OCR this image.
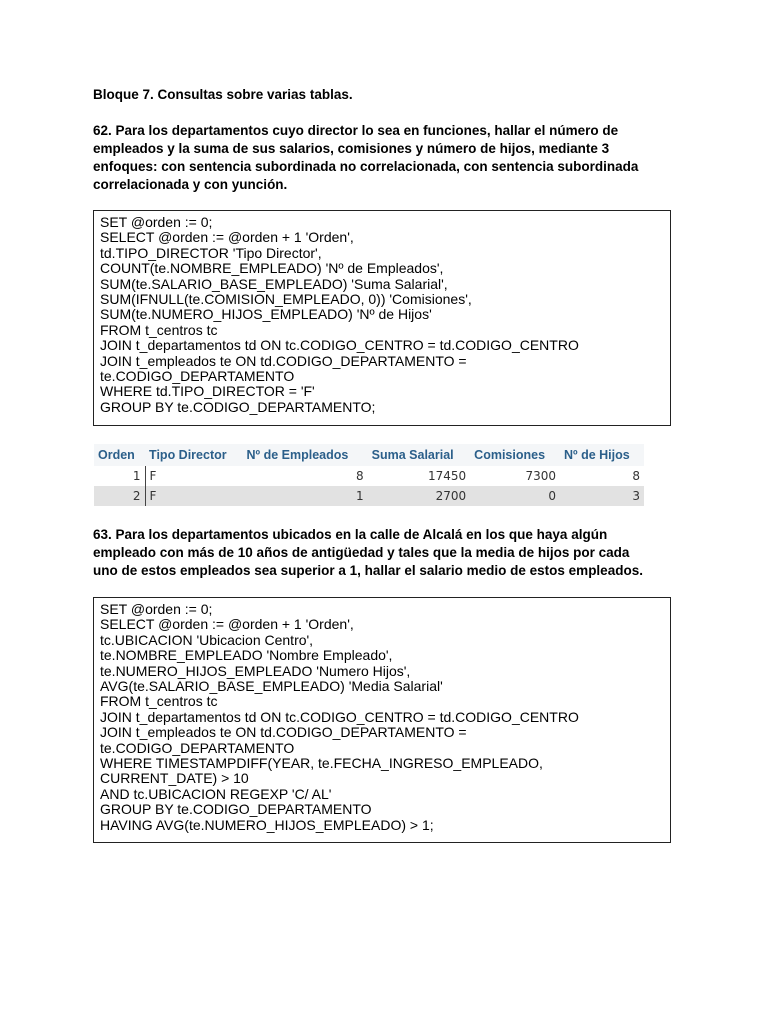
Bloque 7. Consultas sobre varias tablas.

62. Para los departamentos cuyo director lo sea en funciones, hallar el número de

empleados y la suma de sus salarios, comisiones y número de hijos, mediante 3

enfoques: con sentencia subordinada no correlacionada, con sentencia subordinada

correlacionada y con yunción.

SET @orden := 0;

SELECT @orden := @orden + 1 'Orden',

td.TIPO_DIRECTOR 'Tipo Director',

COUNT(te.NOMBRE_EMPLEADO) 'Nº de Empleados',

SUM(te.SALARIO_BASE_EMPLEADO) 'Suma Salarial',

SUM(IFNULL(te.COMISION_EMPLEADO, 0)) 'Comisiones',

SUM(te.NUMERO_HIJOS_EMPLEADO) 'Nº de Hijos'

FROM t_centros tc

JOIN t_departamentos td ON tc.CODIGO_CENTRO = td.CODIGO_CENTRO

JOIN t_empleados te ON td.CODIGO_DEPARTAMENTO =

te.CODIGO_DEPARTAMENTO

WHERE td.TIPO_DIRECTOR = 'F'

GROUP BY te.CODIGO_DEPARTAMENTO;

Orden	Tipo Director	Nº de Empleados	Suma Salarial	Comisiones	Nº de Hijos
1	F	8	17450	7300	8
2	F	1	2700	0	3

63. Para los departamentos ubicados en la calle de Alcalá en los que haya algún

empleado con más de 10 años de antigüedad y tales que la media de hijos por cada

uno de estos empleados sea superior a 1, hallar el salario medio de estos empleados.

SET @orden := 0;

SELECT @orden := @orden + 1 'Orden',

tc.UBICACION 'Ubicacion Centro',

te.NOMBRE_EMPLEADO 'Nombre Empleado',

te.NUMERO_HIJOS_EMPLEADO 'Numero Hijos',

AVG(te.SALARIO_BASE_EMPLEADO) 'Media Salarial'

FROM t_centros tc

JOIN t_departamentos td ON tc.CODIGO_CENTRO = td.CODIGO_CENTRO

JOIN t_empleados te ON td.CODIGO_DEPARTAMENTO =

te.CODIGO_DEPARTAMENTO

WHERE TIMESTAMPDIFF(YEAR, te.FECHA_INGRESO_EMPLEADO,

CURRENT_DATE) > 10

AND tc.UBICACION REGEXP 'C/ AL'

GROUP BY te.CODIGO_DEPARTAMENTO

HAVING AVG(te.NUMERO_HIJOS_EMPLEADO) > 1;
